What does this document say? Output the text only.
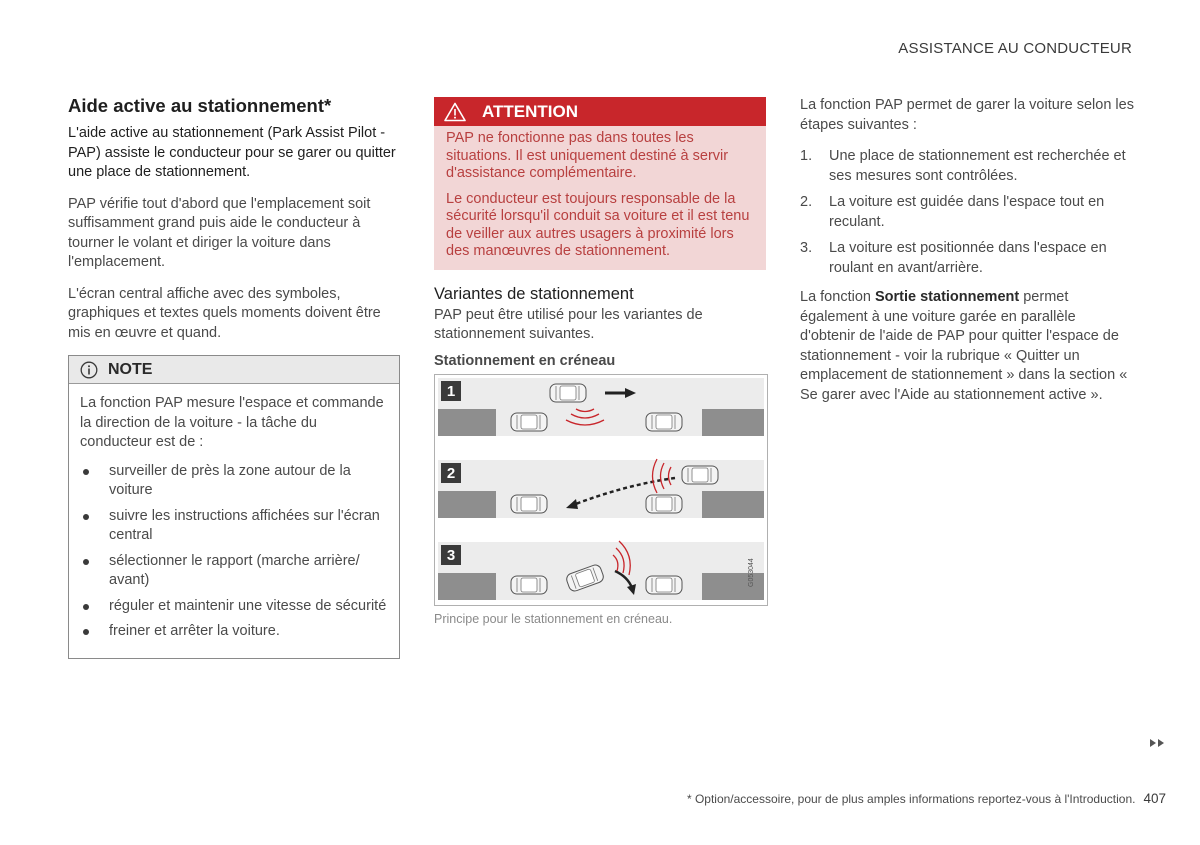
ASSISTANCE AU CONDUCTEUR
Aide active au stationnement*

L'aide active au stationnement (Park Assist Pilot - PAP) assiste le conducteur pour se garer ou quitter une place de stationnement.

PAP vérifie tout d'abord que l'emplacement soit suffisamment grand puis aide le conducteur à tourner le volant et diriger la voiture dans l'emplacement.

L'écran central affiche avec des symboles, graphiques et textes quels moments doivent être mis en œuvre et quand.

NOTE

La fonction PAP mesure l'espace et commande la direction de la voiture - la tâche du conducteur est de :

surveiller de près la zone autour de la voiture
suivre les instructions affichées sur l'écran central
sélectionner le rapport (marche arrière/ avant)
réguler et maintenir une vitesse de sécurité
freiner et arrêter la voiture.
ATTENTION

PAP ne fonctionne pas dans toutes les situations. Il est uniquement destiné à servir d'assistance complémentaire.

Le conducteur est toujours responsable de la sécurité lorsqu'il conduit sa voiture et il est tenu de veiller aux autres usagers à proximité lors des manœuvres de stationnement.

Variantes de stationnement

PAP peut être utilisé pour les variantes de stationnement suivantes.

Stationnement en créneau
1
2
3
G053044
Principe pour le stationnement en créneau.

La fonction PAP permet de garer la voiture selon les étapes suivantes :

1. Une place de stationnement est recherchée et ses mesures sont contrôlées.
2. La voiture est guidée dans l'espace tout en reculant.
3. La voiture est positionnée dans l'espace en roulant en avant/arrière.

La fonction Sortie stationnement permet également à une voiture garée en parallèle d'obtenir de l'aide de PAP pour quitter l'espace de stationnement - voir la rubrique « Quitter un emplacement de stationnement » dans la section « Se garer avec l'Aide au stationnement active ».

* Option/accessoire, pour de plus amples informations reportez-vous à l'Introduction. 407
